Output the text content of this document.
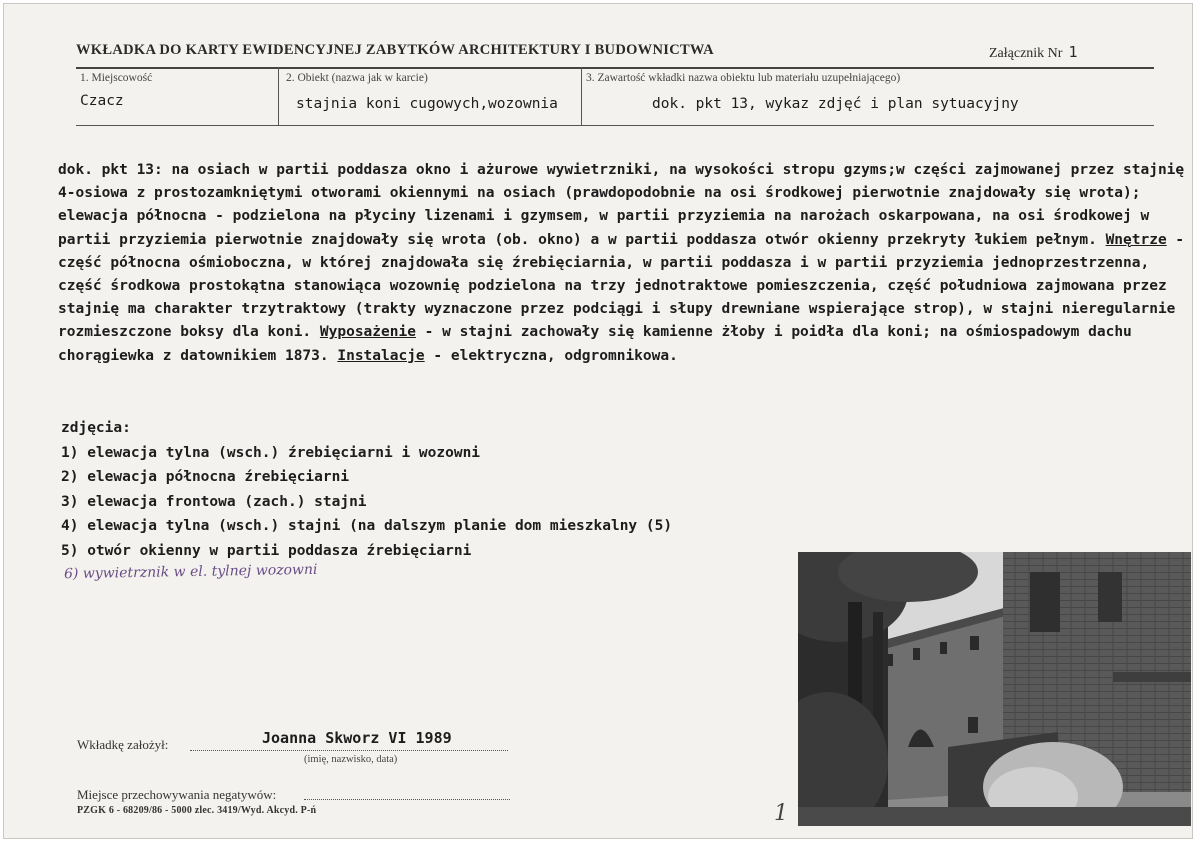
WKŁADKA DO KARTY EWIDENCYJNEJ ZABYTKÓW ARCHITEKTURY I BUDOWNICTWA	Załącznik Nr 1
1. Miejscowość
Czacz
2. Obiekt (nazwa jak w karcie)
stajnia koni cugowych,wozownia
3. Zawartość wkładki nazwa obiektu lub materiału uzupełniającego)
dok. pkt 13, wykaz zdjęć i plan sytuacyjny

dok. pkt 13: na osiach w partii poddasza okno i ażurowe wywietrzniki, na wysokości stropu gzyms;w części zajmowanej przez stajnię 4-osiowa z prostozamkniętymi otworami okiennymi na osiach (prawdopodobnie na osi środkowej pierwotnie znajdowały się wrota); elewacja północna - podzielona na płyciny lizenami i gzymsem, w partii przyziemia na narożach oskarpowana, na osi środkowej w partii przyziemia pierwotnie znajdowały się wrota (ob. okno) a w partii poddasza otwór okienny przekryty łukiem pełnym. Wnętrze - część północna ośmioboczna, w której znajdowała się źrebięciarnia, w partii poddasza i w partii przyziemia jednoprzestrzenna, część środkowa prostokątna stanowiąca wozownię podzielona na trzy jednotraktowe pomieszczenia, część południowa zajmowana przez stajnię ma charakter trzytraktowy (trakty wyznaczone przez podciągi i słupy drewniane wspierające strop), w stajni nieregularnie rozmieszczone boksy dla koni. Wyposażenie - w stajni zachowały się kamienne żłoby i poidła dla koni; na ośmiospadowym dachu chorągiewka z datownikiem 1873. Instalacje - elektryczna, odgromnikowa.

zdjęcia:
1) elewacja tylna (wsch.) źrebięciarni i wozowni
2) elewacja północna źrebięciarni
3) elewacja frontowa (zach.) stajni
4) elewacja tylna (wsch.) stajni (na dalszym planie dom mieszkalny (5)
5) otwór okienny w partii poddasza źrebięciarni
6) wywietrznik w el. tylnej wozowni
Wkładkę założył:	Joanna Skworz VI 1989
(imię, nazwisko, data)
Miejsce przechowywania negatywów:
PZGK 6 - 68209/86 - 5000 zlec. 3419/Wyd. Akcyd. P-ń	1
